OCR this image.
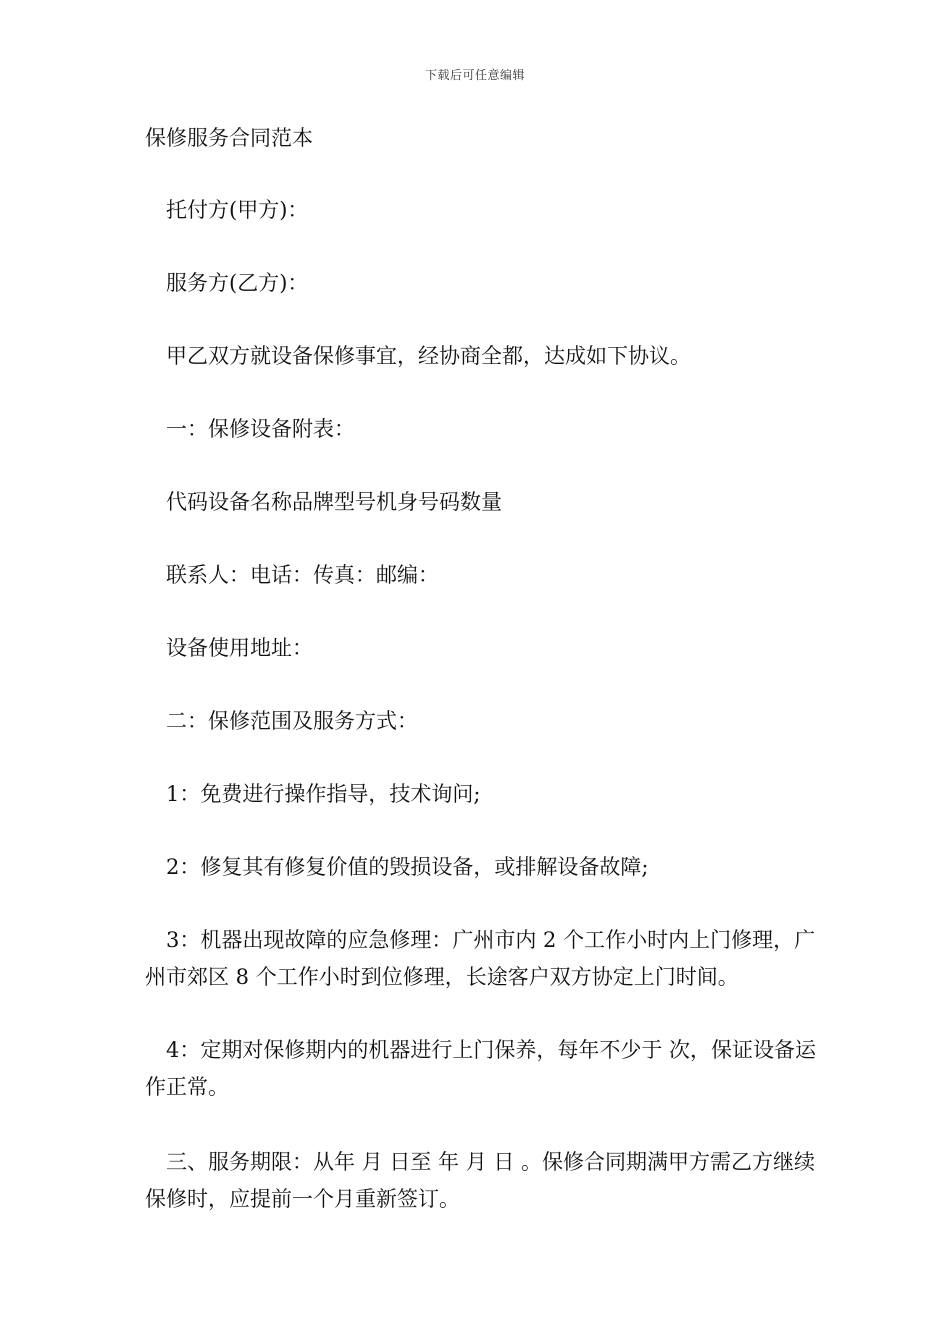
下载后可任意编辑
保修服务合同范本
托付方(甲方)：
服务方(乙方)：
甲乙双方就设备保修事宜，经协商全都，达成如下协议。
一：保修设备附表：
代码设备名称品牌型号机身号码数量
联系人：电话：传真：邮编：
设备使用地址：
二：保修范围及服务方式：
1：免费进行操作指导，技术询问;
2：修复其有修复价值的毁损设备，或排解设备故障;
3：机器出现故障的应急修理：广州市内 2 个工作小时内上门修理，广州市郊区 8 个工作小时到位修理，长途客户双方协定上门时间。
4：定期对保修期内的机器进行上门保养，每年不少于 次，保证设备运作正常。
三、服务期限：从年 月 日至 年 月 日 。保修合同期满甲方需乙方继续保修时，应提前一个月重新签订。
